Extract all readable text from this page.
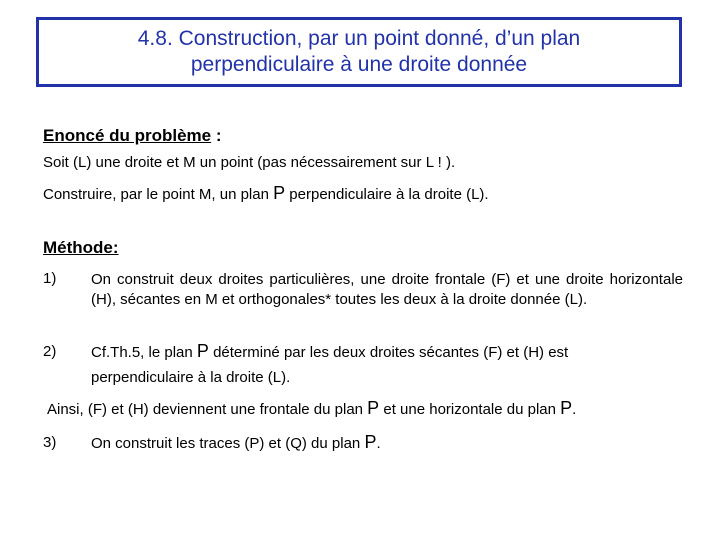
4.8. Construction, par un point donné, d’un plan
perpendiculaire à une droite donnée
Enoncé du problème :
Soit (L) une droite et M un point (pas nécessairement sur L ! ).
Construire, par le point M, un plan P perpendiculaire à la droite (L).
Méthode:
1) On construit deux droites particulières, une droite frontale (F) et une droite horizontale (H), sécantes en M et orthogonales* toutes les deux à la droite donnée (L).
2) Cf.Th.5, le plan P déterminé par les deux droites sécantes (F) et (H) est
perpendiculaire à la droite (L).
Ainsi, (F) et (H) deviennent une frontale du plan P et une horizontale du plan P.
3) On construit les traces (P) et (Q) du plan P.
